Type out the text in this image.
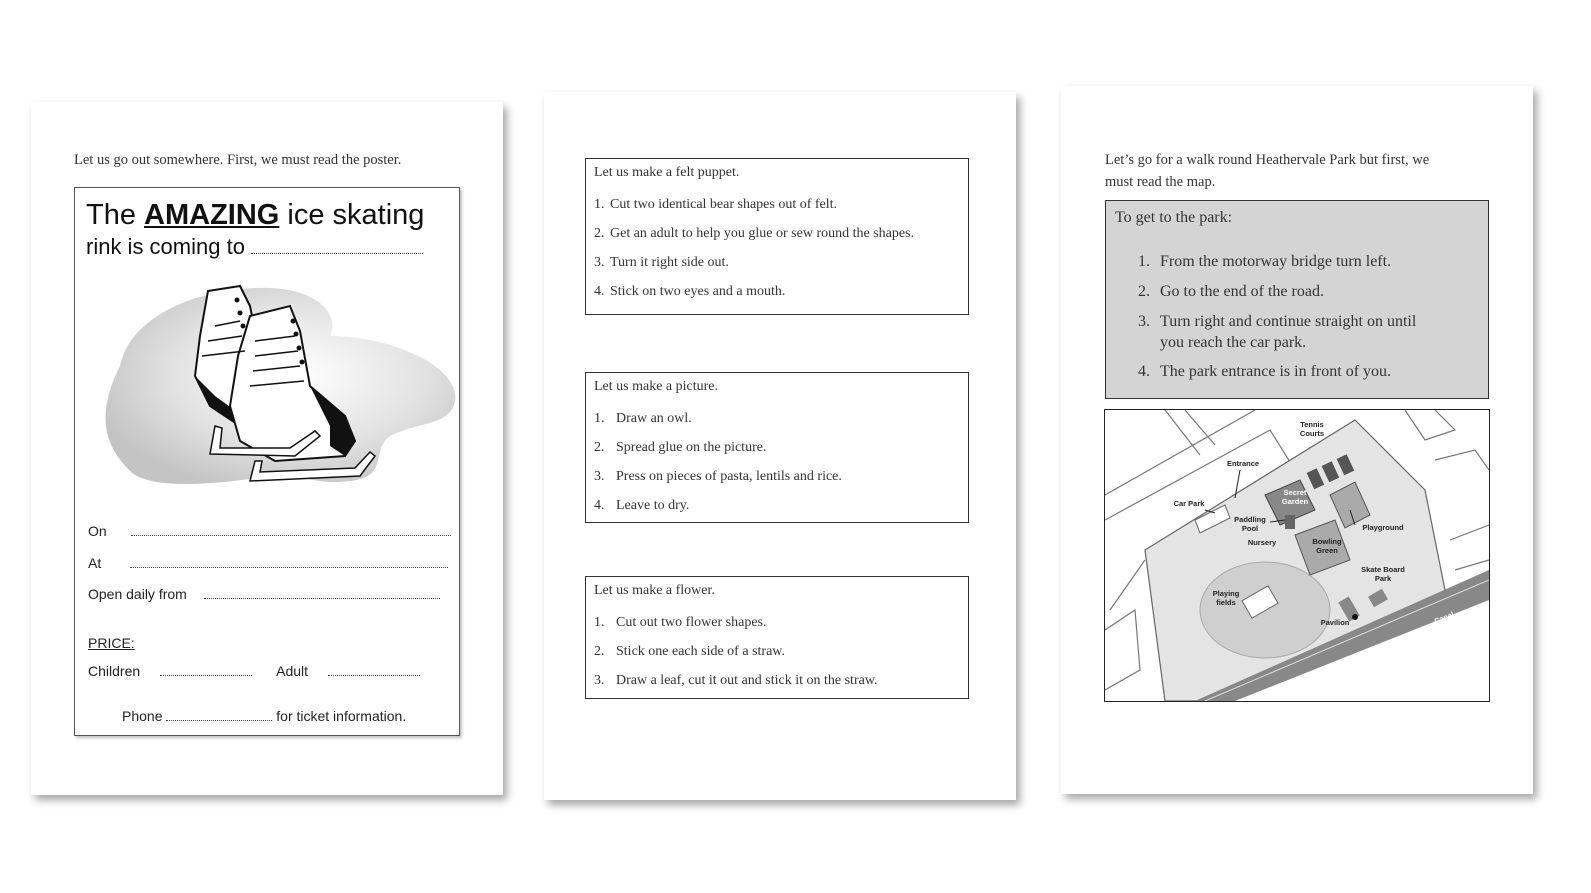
Let us go out somewhere. First, we must read the poster.
The AMAZING ice skating
rink is coming to
On
At
Open daily from
PRICE:
Children	Adult
Phone	for ticket information.
Let us make a felt puppet.
1. Cut two identical bear shapes out of felt.
2. Get an adult to help you glue or sew round the shapes.
3. Turn it right side out.
4. Stick on two eyes and a mouth.
Let us make a picture.
1. Draw an owl.
2. Spread glue on the picture.
3. Press on pieces of pasta, lentils and rice.
4. Leave to dry.
Let us make a flower.
1. Cut out two flower shapes.
2. Stick one each side of a straw.
3. Draw a leaf, cut it out and stick it on the straw.
Let’s go for a walk round Heathervale Park but first, we
must read the map.
To get to the park:
1. From the motorway bridge turn left.
2. Go to the end of the road.
3. Turn right and continue straight on until
you reach the car park.
4. The park entrance is in front of you.
Tennis
Courts
Entrance
Secret
Garden
Car Park
Paddling
Pool	Playground
Nursery	Bowling
Green
Skate Board
Park
Playing
fields
Pavilion	Canal
